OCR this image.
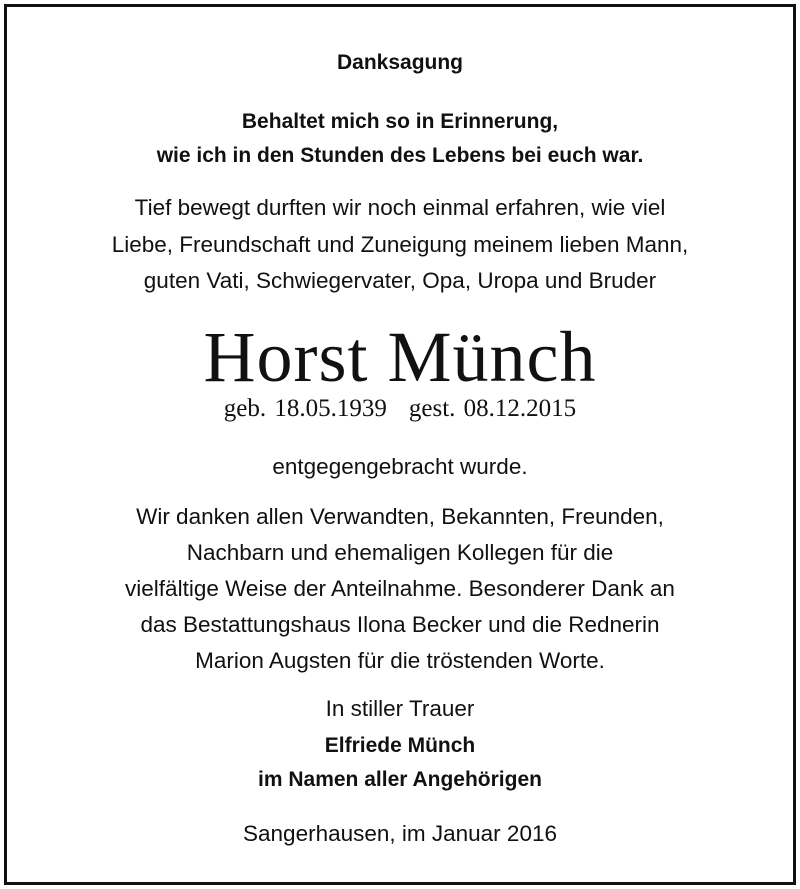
Danksagung

Behaltet mich so in Erinnerung,

wie ich in den Stunden des Lebens bei euch war.

Tief bewegt durften wir noch einmal erfahren, wie viel

Liebe, Freundschaft und Zuneigung meinem lieben Mann,

guten Vati, Schwiegervater, Opa, Uropa und Bruder

Horst Münch

geb. 18.05.1939 gest. 08.12.2015

entgegengebracht wurde.

Wir danken allen Verwandten, Bekannten, Freunden,

Nachbarn und ehemaligen Kollegen für die

vielfältige Weise der Anteilnahme. Besonderer Dank an

das Bestattungshaus Ilona Becker und die Rednerin

Marion Augsten für die tröstenden Worte.

In stiller Trauer

Elfriede Münch

im Namen aller Angehörigen

Sangerhausen, im Januar 2016
